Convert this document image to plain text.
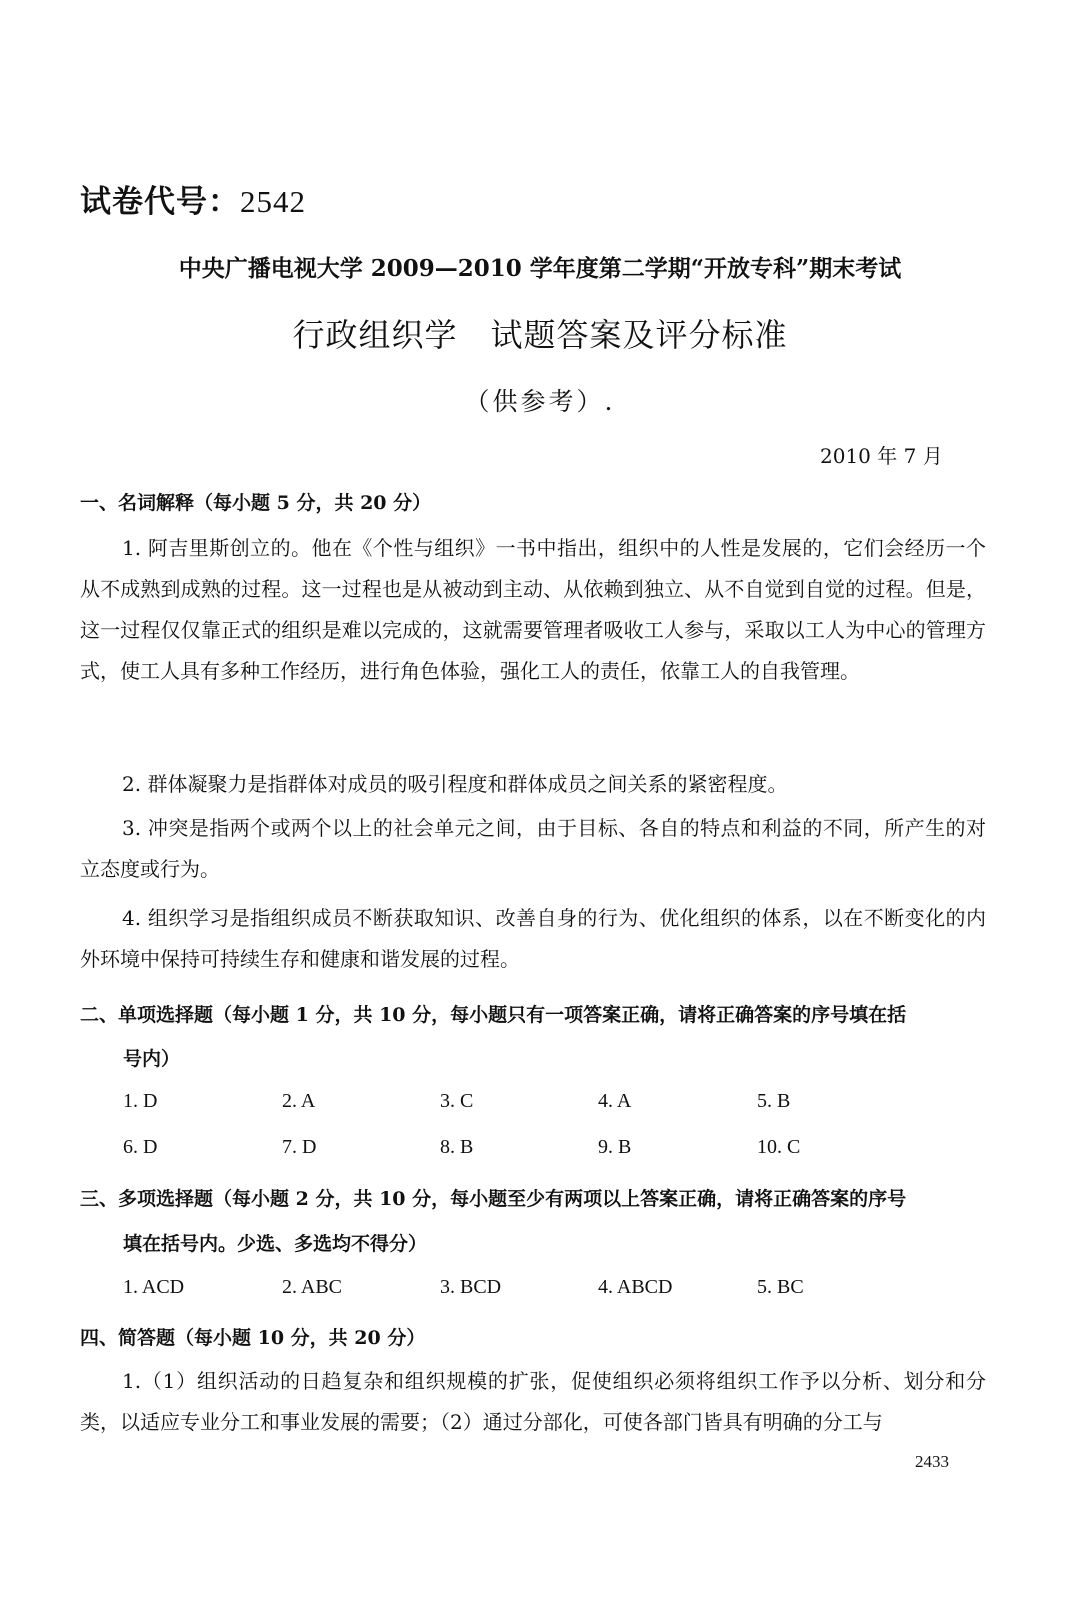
试卷代号：2542
中央广播电视大学 2009—2010 学年度第二学期“开放专科”期末考试
行政组织学　试题答案及评分标准
（供参考）.
2010 年 7 月
一、名词解释（每小题 5 分，共 20 分）
1. 阿吉里斯创立的。他在《个性与组织》一书中指出，组织中的人性是发展的，它们会经历一个从不成熟到成熟的过程。这一过程也是从被动到主动、从依赖到独立、从不自觉到自觉的过程。但是，这一过程仅仅靠正式的组织是难以完成的，这就需要管理者吸收工人参与，采取以工人为中心的管理方式，使工人具有多种工作经历，进行角色体验，强化工人的责任，依靠工人的自我管理。
2. 群体凝聚力是指群体对成员的吸引程度和群体成员之间关系的紧密程度。
3. 冲突是指两个或两个以上的社会单元之间，由于目标、各自的特点和利益的不同，所产生的对立态度或行为。
4. 组织学习是指组织成员不断获取知识、改善自身的行为、优化组织的体系，以在不断变化的内外环境中保持可持续生存和健康和谐发展的过程。
二、单项选择题（每小题 1 分，共 10 分，每小题只有一项答案正确，请将正确答案的序号填在括
号内）
1. D	2. A	3. C	4. A	5. B
6. D	7. D	8. B	9. B	10. C
三、多项选择题（每小题 2 分，共 10 分，每小题至少有两项以上答案正确，请将正确答案的序号
填在括号内。少选、多选均不得分）
1. ACD	2. ABC	3. BCD	4. ABCD	5. BC
四、简答题（每小题 10 分，共 20 分）
1.（1）组织活动的日趋复杂和组织规模的扩张，促使组织必须将组织工作予以分析、划分和分类，以适应专业分工和事业发展的需要；（2）通过分部化，可使各部门皆具有明确的分工与
2433
